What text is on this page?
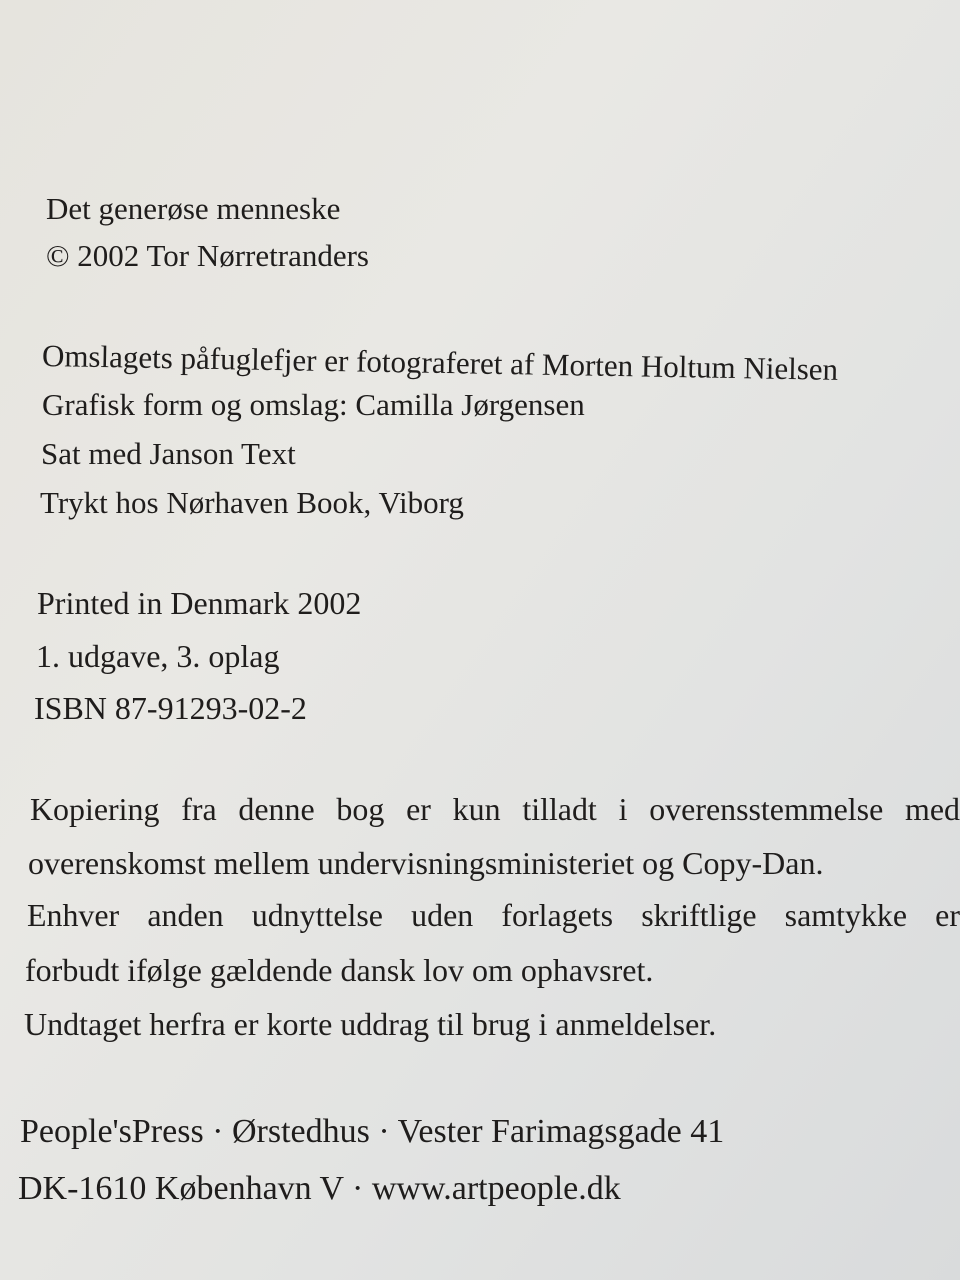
Det generøse menneske
© 2002 Tor Nørretranders
Omslagets påfuglefjer er fotograferet af Morten Holtum Nielsen
Grafisk form og omslag: Camilla Jørgensen
Sat med Janson Text
Trykt hos Nørhaven Book, Viborg
Printed in Denmark 2002
1. udgave, 3. oplag
ISBN 87-91293-02-2
Kopiering fra denne bog er kun tilladt i overensstemmelse med
overenskomst mellem undervisningsministeriet og Copy-Dan.
Enhver anden udnyttelse uden forlagets skriftlige samtykke er
forbudt ifølge gældende dansk lov om ophavsret.
Undtaget herfra er korte uddrag til brug i anmeldelser.
People'sPress · Ørstedhus · Vester Farimagsgade 41
DK-1610 København V · www.artpeople.dk
